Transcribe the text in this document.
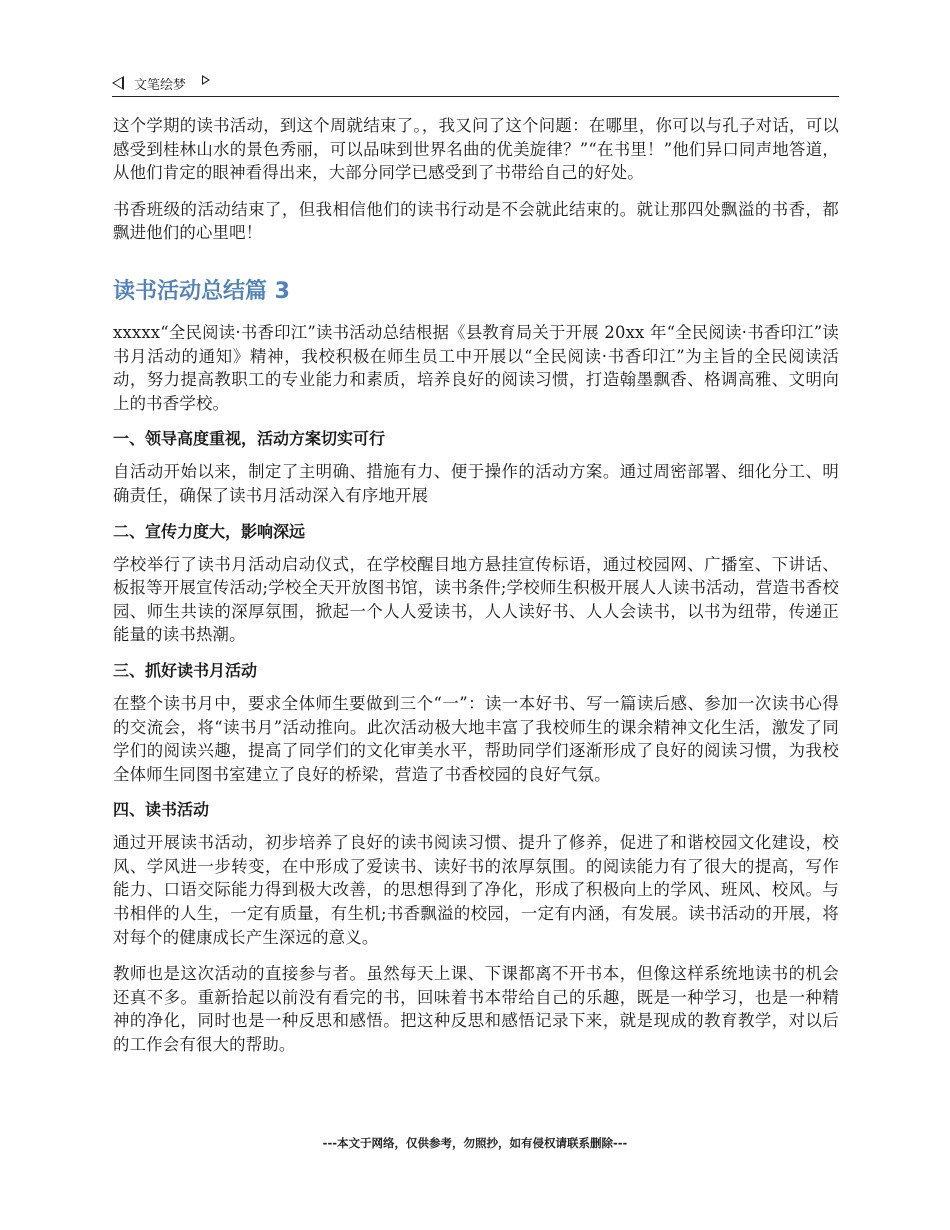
文笔绘梦

这个学期的读书活动，到这个周就结束了。，我又问了这个问题：在哪里，你可以与孔子对话，可以感受到桂林山水的景色秀丽，可以品味到世界名曲的优美旋律？”“在书里！”他们异口同声地答道，从他们肯定的眼神看得出来，大部分同学已感受到了书带给自己的好处。

书香班级的活动结束了，但我相信他们的读书行动是不会就此结束的。就让那四处飘溢的书香，都飘进他们的心里吧！

读书活动总结篇 3

xxxxx“全民阅读·书香印江”读书活动总结根据《县教育局关于开展 20xx 年“全民阅读·书香印江”读书月活动的通知》精神，我校积极在师生员工中开展以“全民阅读·书香印江”为主旨的全民阅读活动，努力提高教职工的专业能力和素质，培养良好的阅读习惯，打造翰墨飘香、格调高雅、文明向上的书香学校。

一、领导高度重视，活动方案切实可行

自活动开始以来，制定了主明确、措施有力、便于操作的活动方案。通过周密部署、细化分工、明确责任，确保了读书月活动深入有序地开展

二、宣传力度大，影响深远

学校举行了读书月活动启动仪式，在学校醒目地方悬挂宣传标语，通过校园网、广播室、下讲话、板报等开展宣传活动;学校全天开放图书馆，读书条件;学校师生积极开展人人读书活动，营造书香校园、师生共读的深厚氛围，掀起一个人人爱读书，人人读好书、人人会读书，以书为纽带，传递正能量的读书热潮。

三、抓好读书月活动

在整个读书月中，要求全体师生要做到三个“一”：读一本好书、写一篇读后感、参加一次读书心得的交流会，将“读书月”活动推向。此次活动极大地丰富了我校师生的课余精神文化生活，激发了同学们的阅读兴趣，提高了同学们的文化审美水平，帮助同学们逐渐形成了良好的阅读习惯，为我校全体师生同图书室建立了良好的桥梁，营造了书香校园的良好气氛。

四、读书活动

通过开展读书活动，初步培养了良好的读书阅读习惯、提升了修养，促进了和谐校园文化建设，校风、学风进一步转变，在中形成了爱读书、读好书的浓厚氛围。的阅读能力有了很大的提高，写作能力、口语交际能力得到极大改善，的思想得到了净化，形成了积极向上的学风、班风、校风。与书相伴的人生，一定有质量，有生机;书香飘溢的校园，一定有内涵，有发展。读书活动的开展，将对每个的健康成长产生深远的意义。

教师也是这次活动的直接参与者。虽然每天上课、下课都离不开书本，但像这样系统地读书的机会还真不多。重新拾起以前没有看完的书，回味着书本带给自己的乐趣，既是一种学习，也是一种精神的净化，同时也是一种反思和感悟。把这种反思和感悟记录下来，就是现成的教育教学，对以后的工作会有很大的帮助。

---本文于网络，仅供参考，勿照抄，如有侵权请联系删除---
